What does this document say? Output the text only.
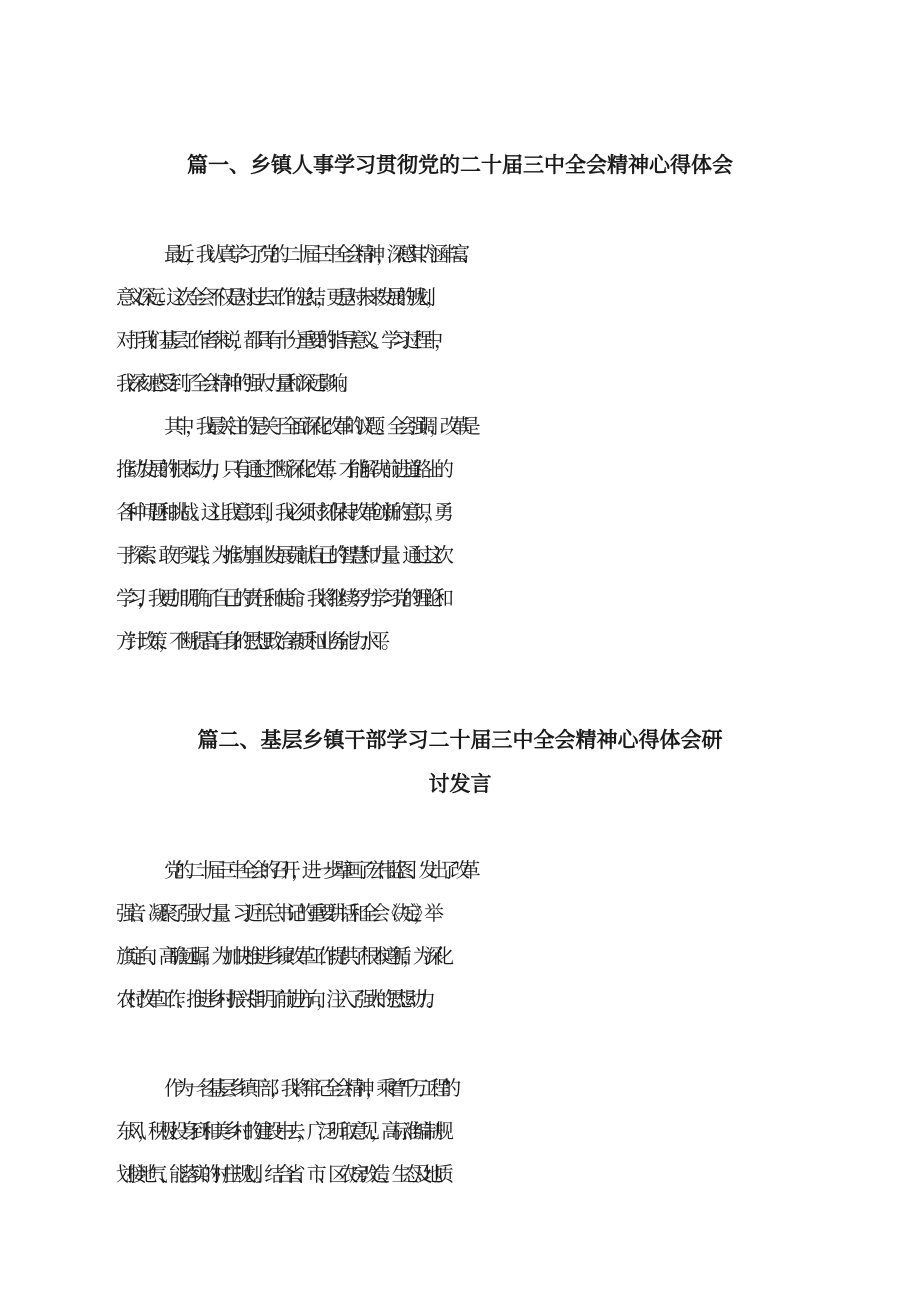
篇一、乡镇人事学习贯彻党的二十届三中全会精神心得体会
最近，我认真学习了党的二十届三中全会精神，深感其内涵丰富、
意义深远。这次全会不仅是对过去工作的总结，更是对未来发展的规划，
对于我们基层工作者来说，都具有十分重要的指导意义。学习过程中，
我深刻感受到了全会精神的强大力量和深远影响。
其中，我最关注的是关于全面深化改革的议题。全会强调，改革是
推动发展的根本动力，只有通过不断深化改革，才能解决前进道路上的
各种问题和挑战。这让我意识到，我必须时刻保持改革创新的意识，勇
于探索、敢于实践，为推动事业发展贡献自己的智慧和力量。通过这次
学习，我更加明确了自己的责任和使命。我将继续努力学习党的理论和
方针政策，不断提高自身的思想政治素质和业务能力水平。
篇二、基层乡镇干部学习二十届三中全会精神心得体会研
讨发言
党的二十届三中全会的召开，进一步擘画了宏伟蓝图、发出了改革
强音、凝聚了强大力量。习近平总书记的重要讲话和全会《决定》，举
旗定向、高瞻远瞩，为加快推进乡镇改革工作提供了根本遵循，为深化
农村改革工作、推进乡村振兴指明了前进方向，注入了强大的思想动力。
作为一名基层乡镇干部，我将牢记全会精神，乘着“千万工程”的
东风，积极投身到和美乡村的建设中去，广泛听取意见，高标准编制规
划接地气、能落实的村庄规划。结合省、市、区农房改造、生态及地质
